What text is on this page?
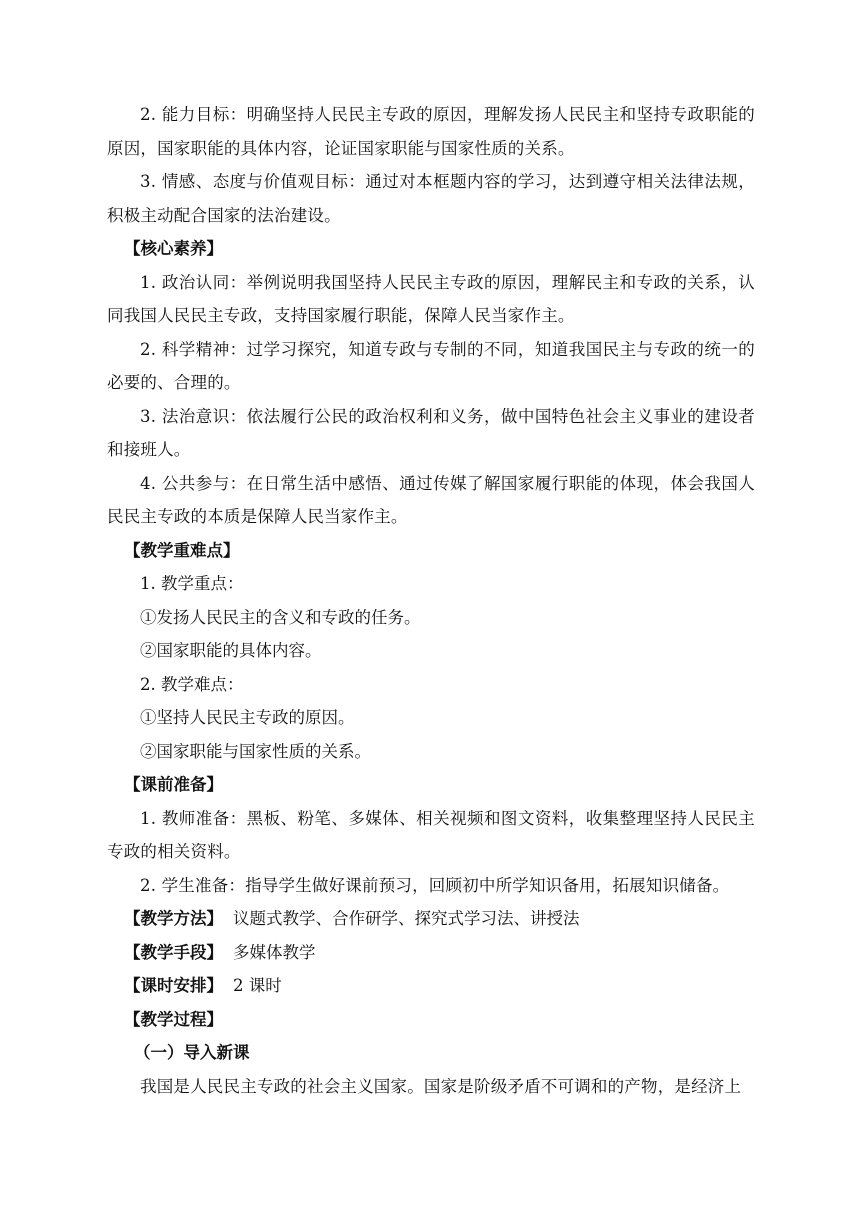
2. 能力目标：明确坚持人民民主专政的原因，理解发扬人民民主和坚持专政职能的原因，国家职能的具体内容，论证国家职能与国家性质的关系。

3. 情感、态度与价值观目标：通过对本框题内容的学习，达到遵守相关法律法规，积极主动配合国家的法治建设。

【核心素养】

1. 政治认同：举例说明我国坚持人民民主专政的原因，理解民主和专政的关系，认同我国人民民主专政，支持国家履行职能，保障人民当家作主。

2. 科学精神：过学习探究，知道专政与专制的不同，知道我国民主与专政的统一的必要的、合理的。

3. 法治意识：依法履行公民的政治权利和义务，做中国特色社会主义事业的建设者和接班人。

4. 公共参与：在日常生活中感悟、通过传媒了解国家履行职能的体现，体会我国人民民主专政的本质是保障人民当家作主。

【教学重难点】

1. 教学重点：

①发扬人民民主的含义和专政的任务。

②国家职能的具体内容。

2. 教学难点：

①坚持人民民主专政的原因。

②国家职能与国家性质的关系。

【课前准备】

1. 教师准备：黑板、粉笔、多媒体、相关视频和图文资料，收集整理坚持人民民主专政的相关资料。

2. 学生准备：指导学生做好课前预习，回顾初中所学知识备用，拓展知识储备。

【教学方法】 议题式教学、合作研学、探究式学习法、讲授法

【教学手段】 多媒体教学

【课时安排】 2 课时

【教学过程】

（一）导入新课

我国是人民民主专政的社会主义国家。国家是阶级矛盾不可调和的产物，是经济上
